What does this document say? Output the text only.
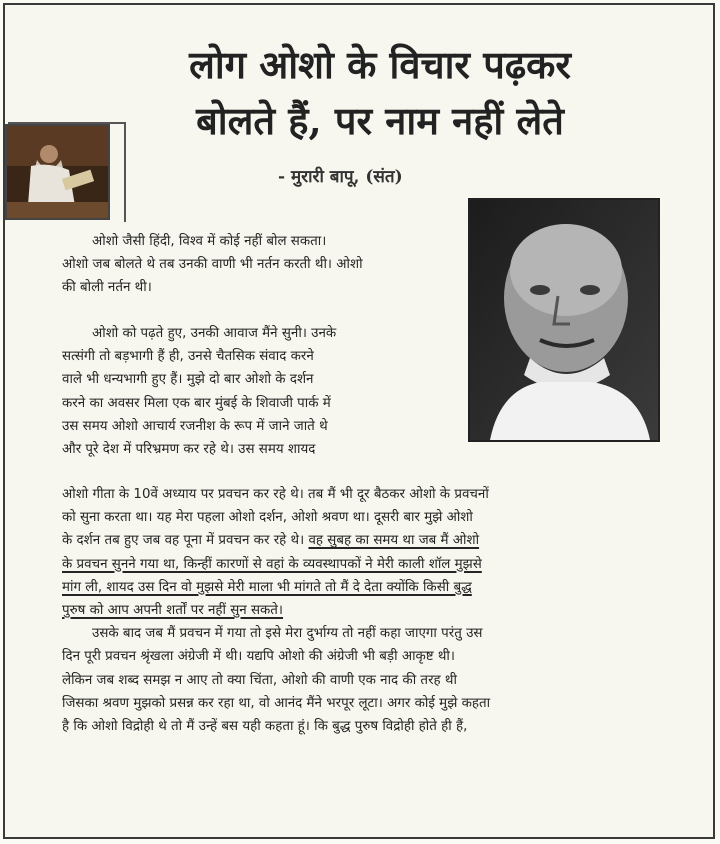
लोग ओशो के विचार पढ़कर
बोलते हैं, पर नाम नहीं लेते
- मुरारी बापू, (संत)
ओशो जैसी हिंदी, विश्व में कोई नहीं बोल सकता।
ओशो जब बोलते थे तब उनकी वाणी भी नर्तन करती थी। ओशो
की बोली नर्तन थी।
ओशो को पढ़ते हुए, उनकी आवाज मैंने सुनी। उनके
सत्संगी तो बड़भागी हैं ही, उनसे चैतसिक संवाद करने
वाले भी धन्यभागी हुए हैं। मुझे दो बार ओशो के दर्शन
करने का अवसर मिला एक बार मुंबई के शिवाजी पार्क में
उस समय ओशो आचार्य रजनीश के रूप में जाने जाते थे
और पूरे देश में परिभ्रमण कर रहे थे। उस समय शायद
ओशो गीता के 10वें अध्याय पर प्रवचन कर रहे थे। तब मैं भी दूर बैठकर ओशो के प्रवचनों
को सुना करता था। यह मेरा पहला ओशो दर्शन, ओशो श्रवण था। दूसरी बार मुझे ओशो
के दर्शन तब हुए जब वह पूना में प्रवचन कर रहे थे। वह सुबह का समय था जब मैं ओशो
के प्रवचन सुनने गया था, किन्हीं कारणों से वहां के व्यवस्थापकों ने मेरी काली शॉल मुझसे
मांग ली, शायद उस दिन वो मुझसे मेरी माला भी मांगते तो मैं दे देता क्योंकि किसी बुद्ध
पुरुष को आप अपनी शर्तों पर नहीं सुन सकते।
उसके बाद जब मैं प्रवचन में गया तो इसे मेरा दुर्भाग्य तो नहीं कहा जाएगा परंतु उस
दिन पूरी प्रवचन श्रृंखला अंग्रेजी में थी। यद्यपि ओशो की अंग्रेजी भी बड़ी आकृष्ट थी।
लेकिन जब शब्द समझ न आए तो क्या चिंता, ओशो की वाणी एक नाद की तरह थी
जिसका श्रवण मुझको प्रसन्न कर रहा था, वो आनंद मैंने भरपूर लूटा। अगर कोई मुझे कहता
है कि ओशो विद्रोही थे तो मैं उन्हें बस यही कहता हूं। कि बुद्ध पुरुष विद्रोही होते ही हैं,
